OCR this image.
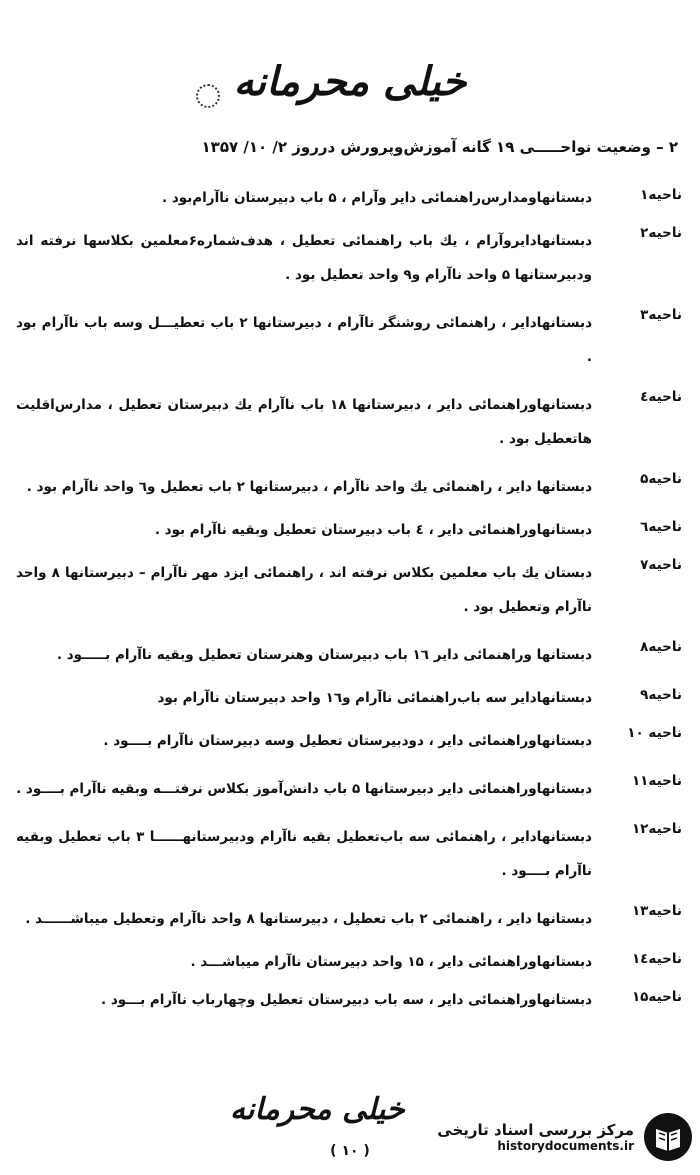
خیلی محرمانه
۲ – وضعیت نواحـــــی ۱۹ گانه آموزش‌وپرورش درروز ۲/ ۱۰/ ۱۳۵۷
ناحیه۱
دبستانها‌ومدارس‌راهنمائی دایر وآرام ، ۵ باب دبیرستان ناآرام‌بود .
ناحیه۲
دبستانهادایروآرام ، یك باب راهنمائی تعطیل ، هدف‌شماره۶معلمین بکلاسها نرفته اند ودبیرستانها ۵ واحد ناآرام و۹ واحد تعطیل بود .
ناحیه۳
دبستانهادایر ، راهنمائی روشنگر ناآرام ، دبیرستانها ۲ باب تعطیـــل وسه باب ناآرام بود .
ناحیه٤
دبستانهاوراهنمائی دایر ، دبیرستانها ۱۸ باب ناآرام یك دبیرستان تعطیل ، مدارس‌اقلیت هاتعطیل بود .
ناحیه۵
دبستانها دایر ، راهنمائی یك واحد ناآرام ، دبیرستانها ۲ باب تعطیل و٦ واحد ناآرام بود .
ناحیه٦
دبستانهاوراهنمائی دایر ، ٤ باب دبیرستان تعطیل وبقیه ناآرام بود .
ناحیه۷
دبستان یك باب معلمین بکلاس نرفته اند ، راهنمائی ایزد مهر ناآرام – دبیرستانها ۸ واحد ناآرام وتعطیل بود .
ناحیه۸
دبستانها وراهنمائی دایر ۱٦ باب دبیرستان وهنرستان تعطیل وبقیه ناآرام بـــــود .
ناحیه۹
دبستانهادایر سه باب‌راهنمائی ناآرام و۱٦ واحد دبیرستان ناآرام بود
ناحیه ۱۰
دبستانهاوراهنمائی دایر ، دودبیرستان تعطیل وسه دبیرستان ناآرام بــــود .
ناحیه۱۱
دبستانهاوراهنمائی دایر دبیرستانها ۵ باب دانش‌آموز بکلاس نرفتـــه وبقیه ناآرام بــــود .
ناحیه۱۲
دبستانهادایر ، راهنمائی سه باب‌تعطیل بقیه ناآرام ودبیرستانهــــــا ۳ باب تعطیل وبقیه ناآرام بــــود .
ناحیه۱۳
دبستانها دایر ، راهنمائی ۲ باب تعطیل ، دبیرستانها ۸ واحد ناآرام وتعطیل میباشــــــد .
ناحیه۱٤
دبستانهاوراهنمائی دایر ، ۱۵ واحد دبیرستان ناآرام میباشـــد .
ناحیه۱۵
دبستانهاوراهنمائی دایر ، سه باب دبیرستان تعطیل وچهارباب ناآرام بـــود .
خیلی محرمانه
( ۱۰ )
مرکز بررسی اسناد تاریخی
historydocuments.ir
